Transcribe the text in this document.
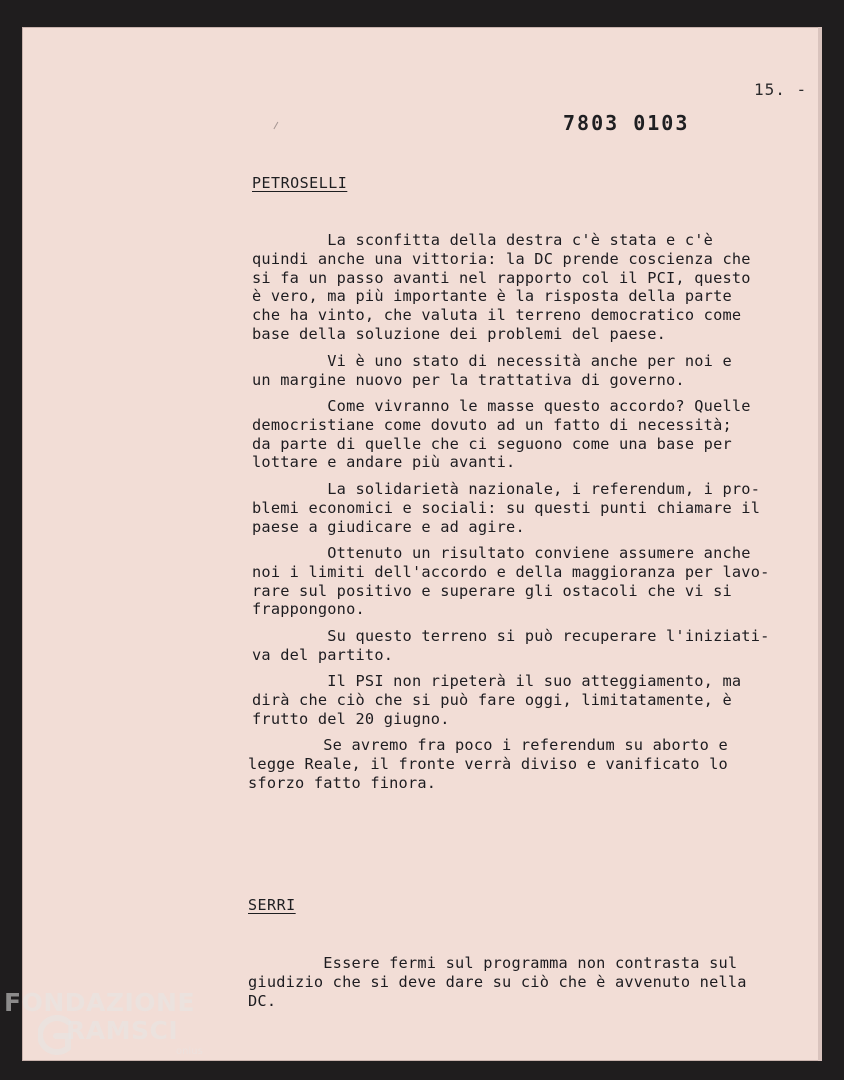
15. -
7803 0103
PETROSELLI

La sconfitta della destra c'è stata e c'è
quindi anche una vittoria: la DC prende coscienza che
si fa un passo avanti nel rapporto col il PCI, questo
è vero, ma più importante è la risposta della parte
che ha vinto, che valuta il terreno democratico come
base della soluzione dei problemi del paese.

Vi è uno stato di necessità anche per noi e
un margine nuovo per la trattativa di governo.

Come vivranno le masse questo accordo? Quelle
democristiane come dovuto ad un fatto di necessità;
da parte di quelle che ci seguono come una base per
lottare e andare più avanti.

La solidarietà nazionale, i referendum, i pro-
blemi economici e sociali: su questi punti chiamare il
paese a giudicare e ad agire.

Ottenuto un risultato conviene assumere anche
noi i limiti dell'accordo e della maggioranza per lavo-
rare sul positivo e superare gli ostacoli che vi si
frappongono.

Su questo terreno si può recuperare l'iniziati-
va del partito.

Il PSI non ripeterà il suo atteggiamento, ma
dirà che ciò che si può fare oggi, limitatamente, è
frutto del 20 giugno.

Se avremo fra poco i referendum su aborto e
legge Reale, il fronte verrà diviso e vanificato lo
sforzo fatto finora.

SERRI

Essere fermi sul programma non contrasta sul
giudizio che si deve dare su ciò che è avvenuto nella
DC.

FONDAZIONE
RAMSCI
onlus
